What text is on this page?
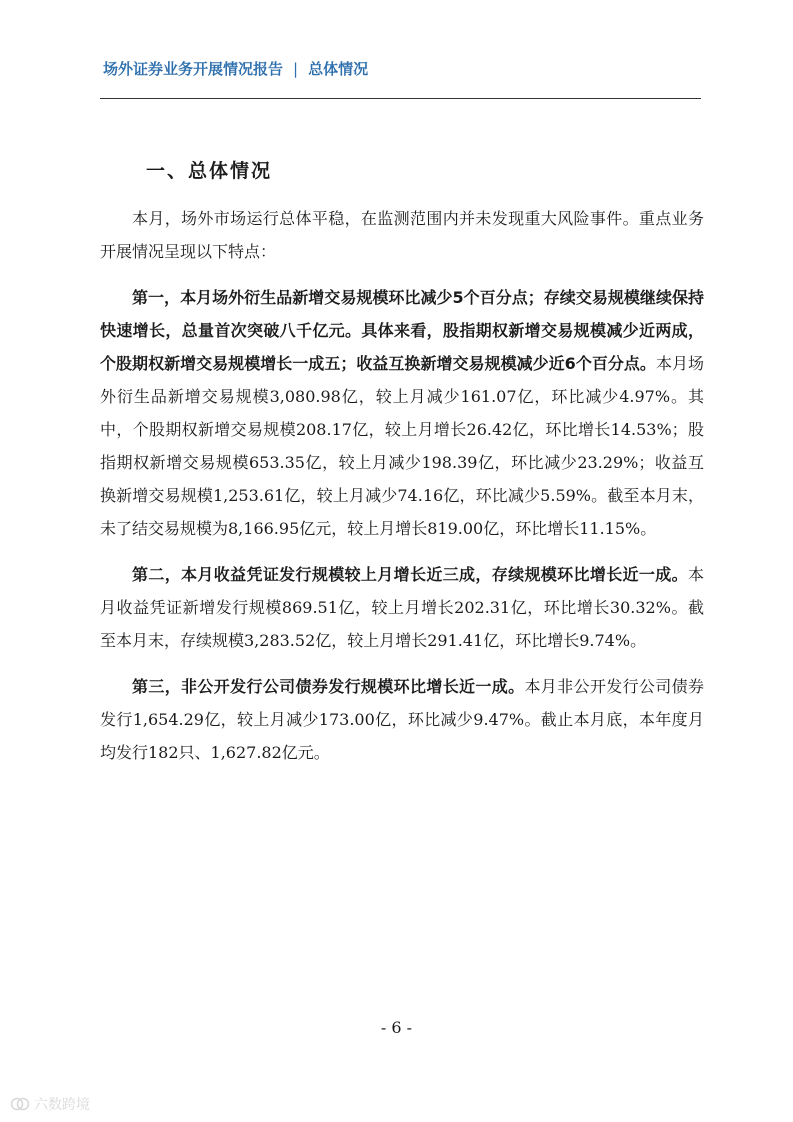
场外证券业务开展情况报告 | 总体情况
一、总体情况

本月，场外市场运行总体平稳，在监测范围内并未发现重大风险事件。重点业务开展情况呈现以下特点：

第一，本月场外衍生品新增交易规模环比减少5个百分点；存续交易规模继续保持快速增长，总量首次突破八千亿元。具体来看，股指期权新增交易规模减少近两成，个股期权新增交易规模增长一成五；收益互换新增交易规模减少近6个百分点。本月场外衍生品新增交易规模3,080.98亿，较上月减少161.07亿，环比减少4.97%。其中，个股期权新增交易规模208.17亿，较上月增长26.42亿，环比增长14.53%；股指期权新增交易规模653.35亿，较上月减少198.39亿，环比减少23.29%；收益互换新增交易规模1,253.61亿，较上月减少74.16亿，环比减少5.59%。截至本月末，未了结交易规模为8,166.95亿元，较上月增长819.00亿，环比增长11.15%。

第二，本月收益凭证发行规模较上月增长近三成，存续规模环比增长近一成。本月收益凭证新增发行规模869.51亿，较上月增长202.31亿，环比增长30.32%。截至本月末，存续规模3,283.52亿，较上月增长291.41亿，环比增长9.74%。

第三，非公开发行公司债券发行规模环比增长近一成。本月非公开发行公司债券发行1,654.29亿，较上月减少173.00亿，环比减少9.47%。截止本月底，本年度月均发行182只、1,627.82亿元。

- 6 -
六数跨境
